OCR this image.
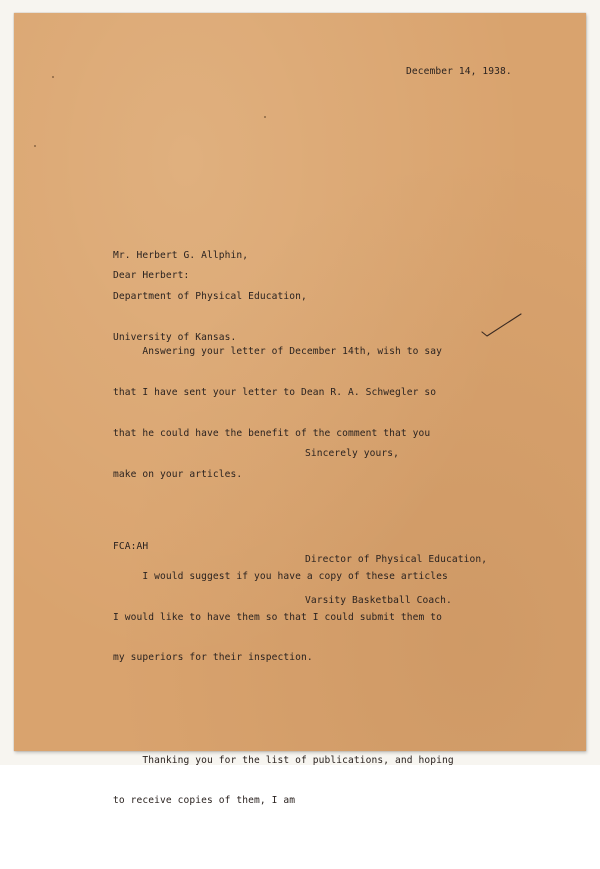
December 14, 1938.

Mr. Herbert G. Allphin,

Department of Physical Education,

University of Kansas.

Dear Herbert:

Answering your letter of December 14th, wish to say

that I have sent your letter to Dean R. A. Schwegler so

that he could have the benefit of the comment that you

make on your articles.

I would suggest if you have a copy of these articles

I would like to have them so that I could submit them to

my superiors for their inspection.

Thanking you for the list of publications, and hoping

to receive copies of them, I am

Sincerely yours,

Director of Physical Education,

Varsity Basketball Coach.

FCA:AH
